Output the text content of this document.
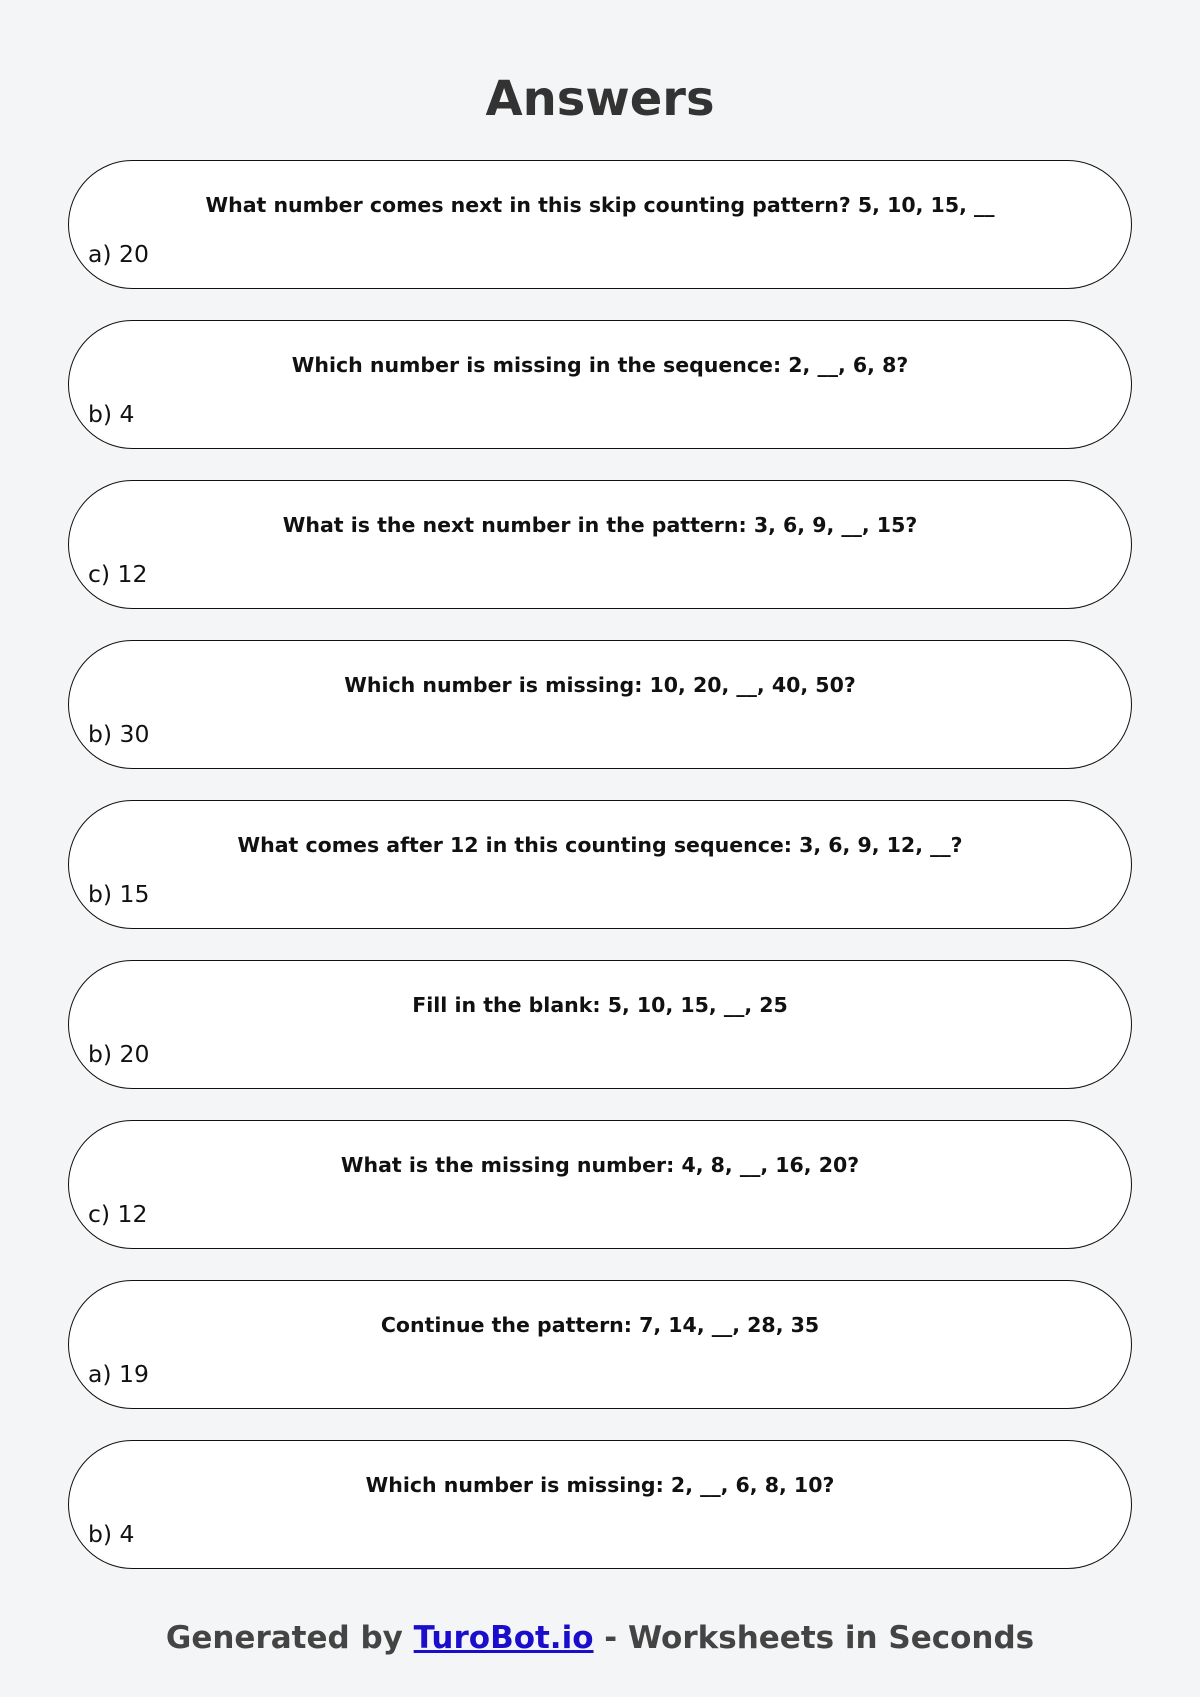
Answers
What number comes next in this skip counting pattern? 5, 10, 15, __
a) 20
Which number is missing in the sequence: 2, __, 6, 8?
b) 4
What is the next number in the pattern: 3, 6, 9, __, 15?
c) 12
Which number is missing: 10, 20, __, 40, 50?
b) 30
What comes after 12 in this counting sequence: 3, 6, 9, 12, __?
b) 15
Fill in the blank: 5, 10, 15, __, 25
b) 20
What is the missing number: 4, 8, __, 16, 20?
c) 12
Continue the pattern: 7, 14, __, 28, 35
a) 19
Which number is missing: 2, __, 6, 8, 10?
b) 4
Generated by TuroBot.io - Worksheets in Seconds
